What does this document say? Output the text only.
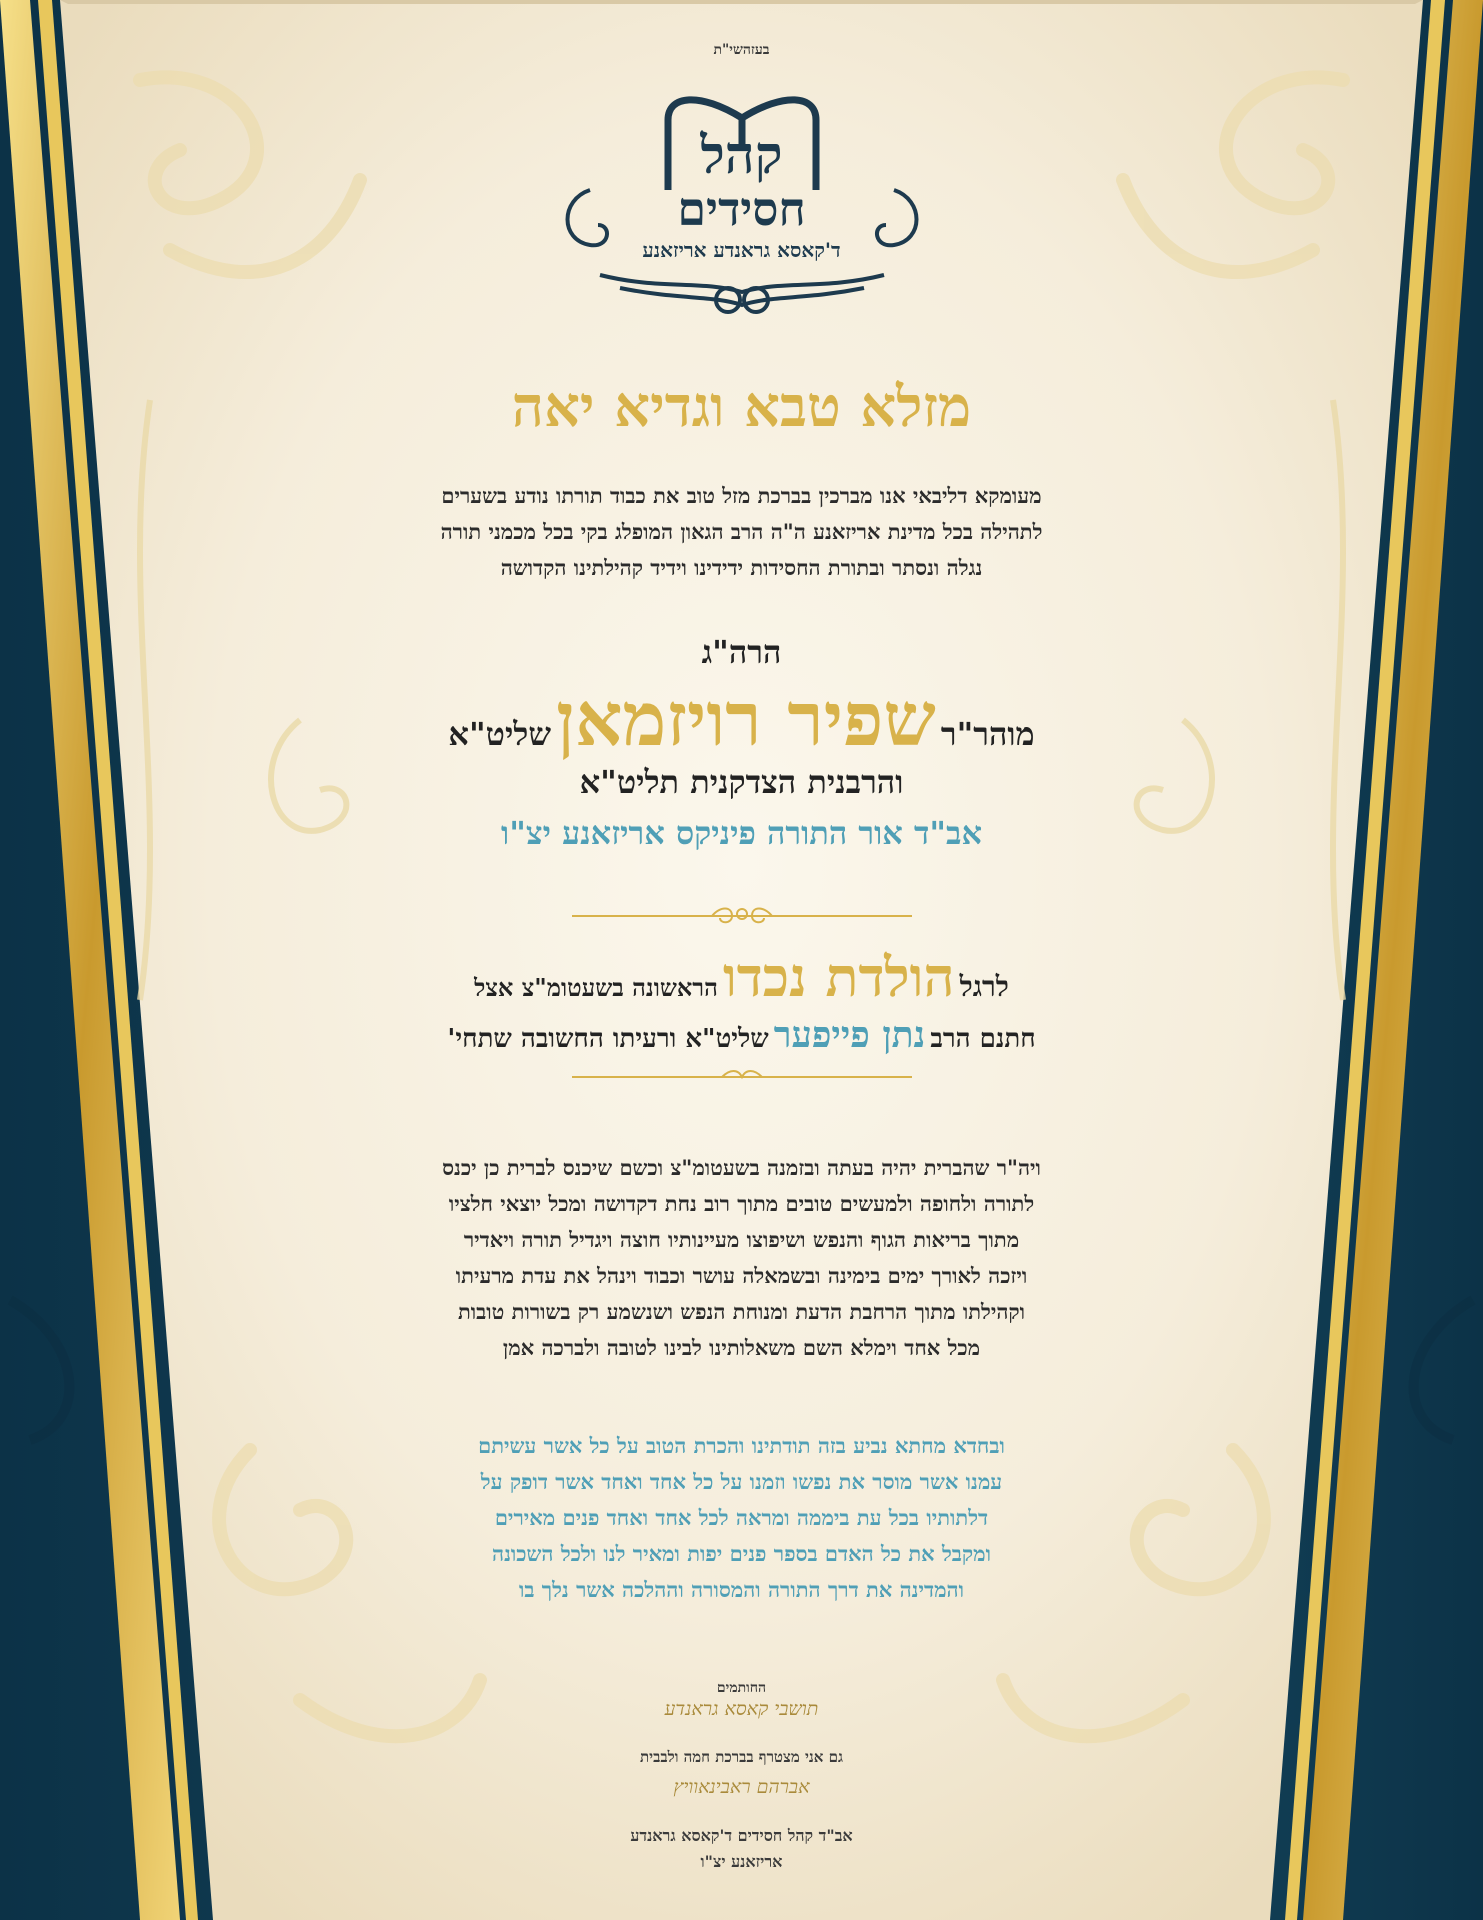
בעזהשי"ת
קהל
חסידים
ד'קאסא גראנדע אריזאנע
מזלא טבא וגדיא יאה
מעומקא דליבאי אנו מברכין בברכת מזל טוב את כבוד תורתו נודע בשערים
לתהילה בכל מדינת אריזאנע ה"ה הרב הגאון המופלג בקי בכל מכמני תורה
נגלה ונסתר ובתורת החסידות ידידינו וידיד קהילתינו הקדושה
הרה"ג
מוהר"ר שפיר רויזמאן שליט"א
והרבנית הצדקנית תליט"א
אב"ד אור התורה פיניקס אריזאנע יצ"ו
לרגל הולדת נכדו הראשונה בשעטומ"צ אצל
חתנם הרב נתן פייפער שליט"א ורעיתו החשובה שתחי'
ויה"ר שהברית יהיה בעתה ובזמנה בשעטומ"צ וכשם שיכנס לברית כן יכנס
לתורה ולחופה ולמעשים טובים מתוך רוב נחת דקדושה ומכל יוצאי חלציו
מתוך בריאות הגוף והנפש ושיפוצו מעיינותיו חוצה ויגדיל תורה ויאדיר
ויזכה לאורך ימים בימינה ובשמאלה עושר וכבוד וינהל את עדת מרעיתו
וקהילתו מתוך הרחבת הדעת ומנוחת הנפש ושנשמע רק בשורות טובות
מכל אחד וימלא השם משאלותינו לבינו לטובה ולברכה אמן
ובחדא מחתא נביע בזה תודתינו והכרת הטוב על כל אשר עשיתם
עמנו אשר מוסר את נפשו וזמנו על כל אחד ואחד אשר דופק על
דלתותיו בכל עת ביממה ומראה לכל אחד ואחד פנים מאירים
ומקבל את כל האדם בספר פנים יפות ומאיר לנו ולכל השכונה
והמדינה את דרך התורה והמסורה וההלכה אשר נלך בו
החותמים
תושבי קאסא גראנדע
גם אני מצטרף בברכת חמה ולבבית
אברהם ראבינאוויץ
אב"ד קהל חסידים ד'קאסא גראנדע
אריזאנע יצ"ו
